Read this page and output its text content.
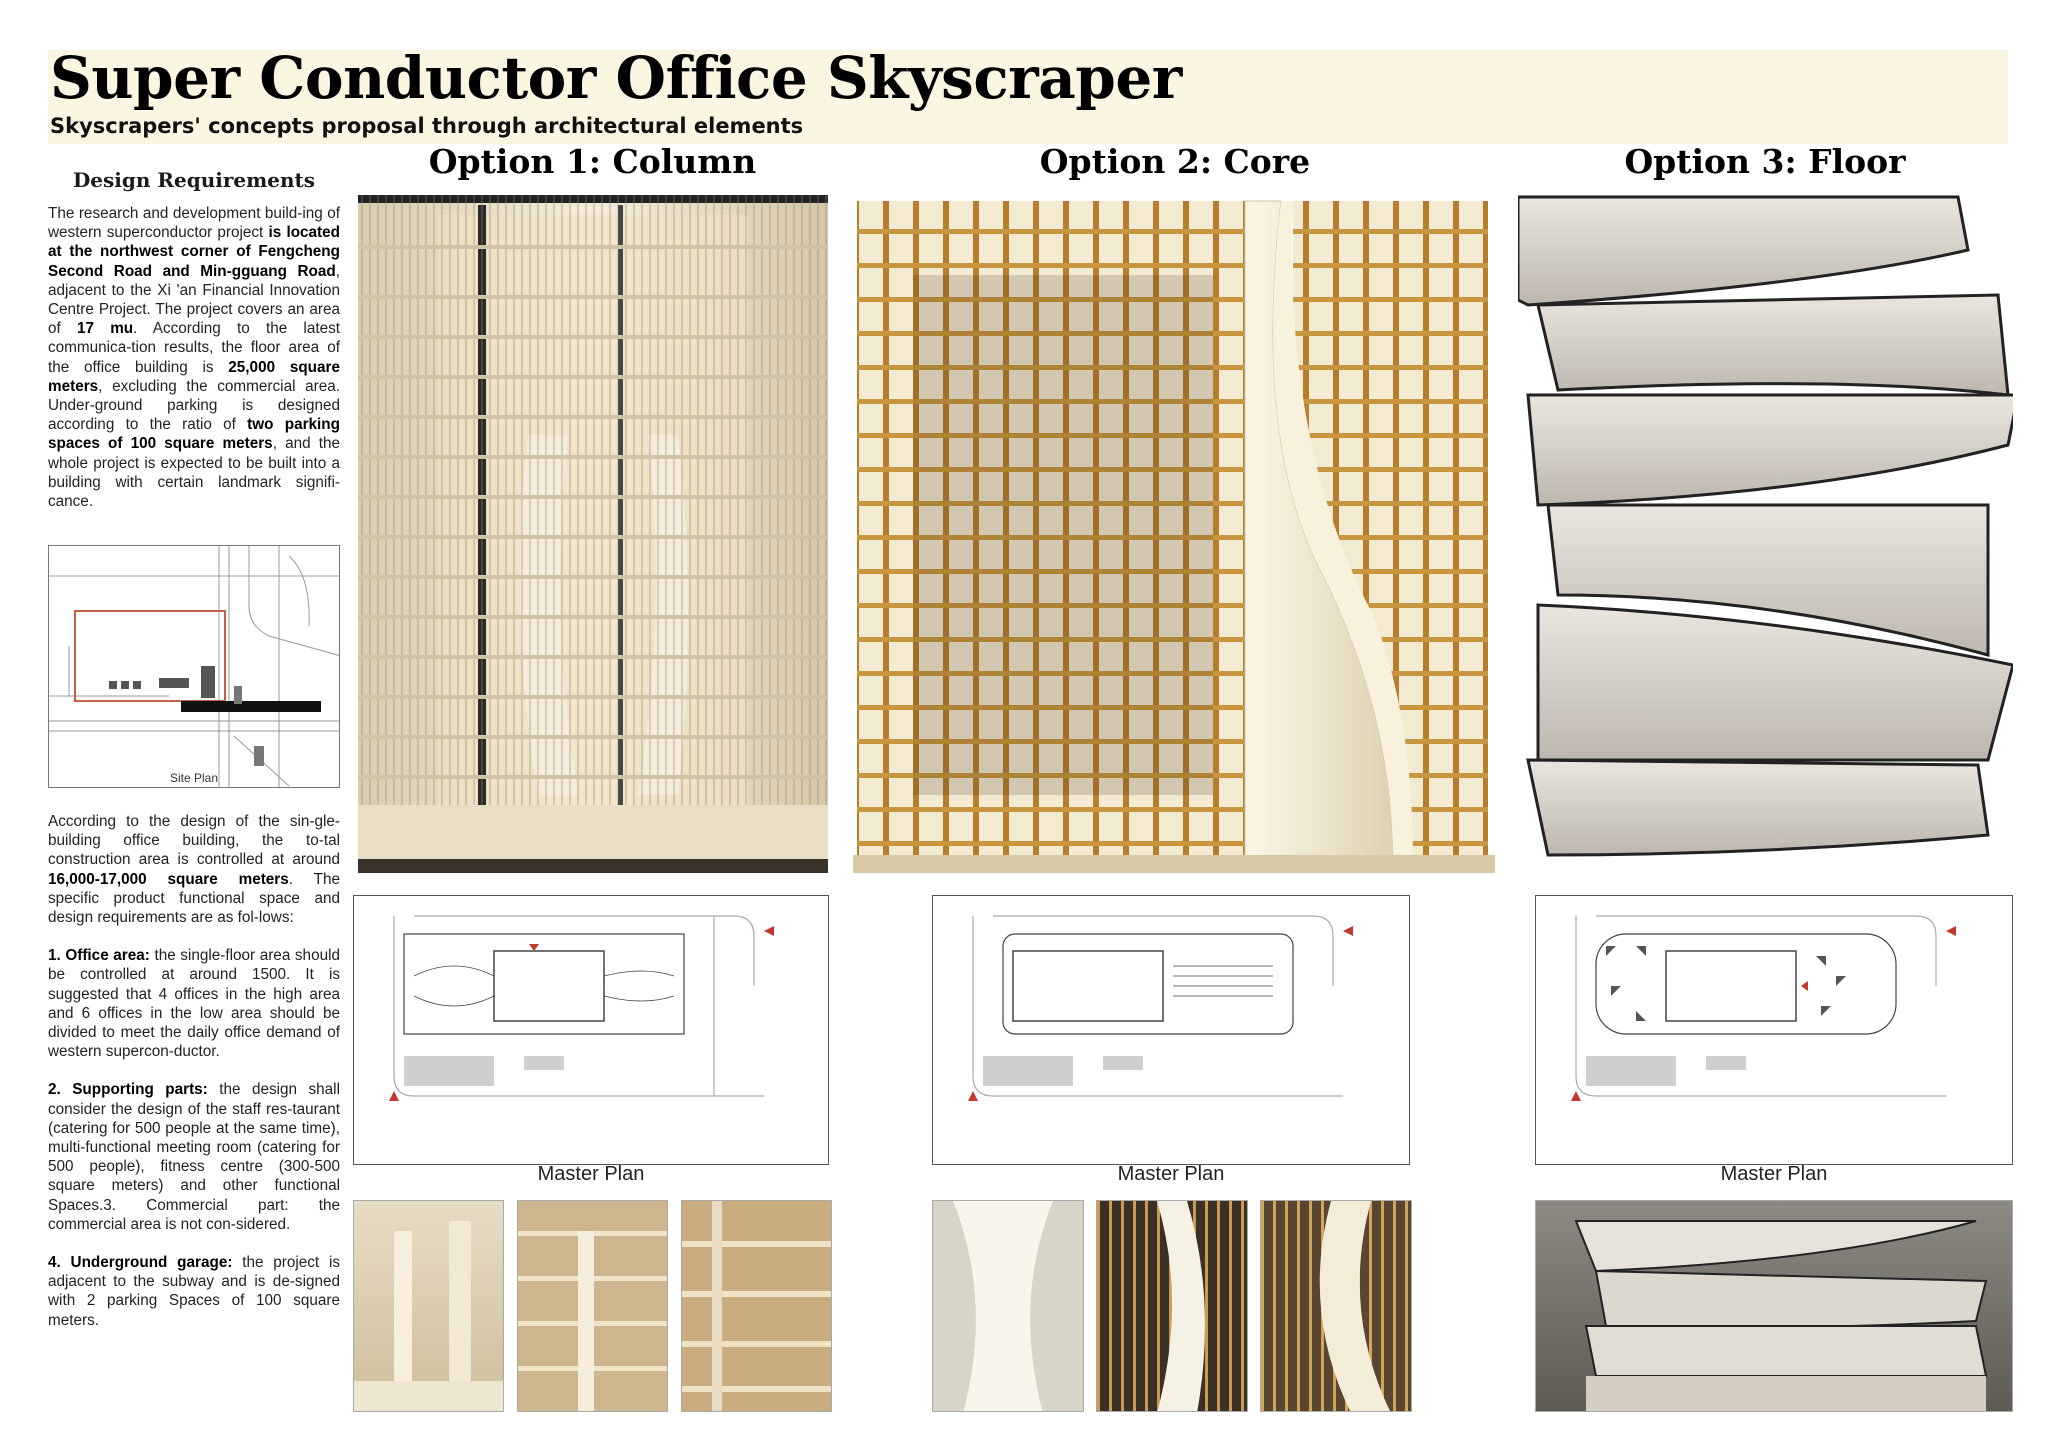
Super Conductor Office Skyscraper
Skyscrapers' concepts proposal through architectural elements
Design Requirements

The research and development build-ing of western superconductor project is located at the northwest corner of Fengcheng Second Road and Min-gguang Road, adjacent to the Xi 'an Financial Innovation Centre Project. The project covers an area of 17 mu. According to the latest communica-tion results, the floor area of the office building is 25,000 square meters, excluding the commercial area. Under-ground parking is designed according to the ratio of two parking spaces of 100 square meters, and the whole project is expected to be built into a building with certain landmark signifi-cance.

Site Plan

According to the design of the sin-gle-building office building, the to-tal construction area is controlled at around 16,000-17,000 square meters. The specific product functional space and design requirements are as fol-lows:

1. Office area: the single-floor area should be controlled at around 1500. It is suggested that 4 offices in the high area and 6 offices in the low area should be divided to meet the daily office demand of western supercon-ductor.

2. Supporting parts: the design shall consider the design of the staff res-taurant (catering for 500 people at the same time), multi-functional meeting room (catering for 500 people), fitness centre (300-500 square meters) and other functional Spaces.3. Commercial part: the commercial area is not con-sidered.

4. Underground garage: the project is adjacent to the subway and is de-signed with 2 parking Spaces of 100 square meters.

Option 1: Column	Option 2: Core	Option 3: Floor
Master Plan	Master Plan	Master Plan
